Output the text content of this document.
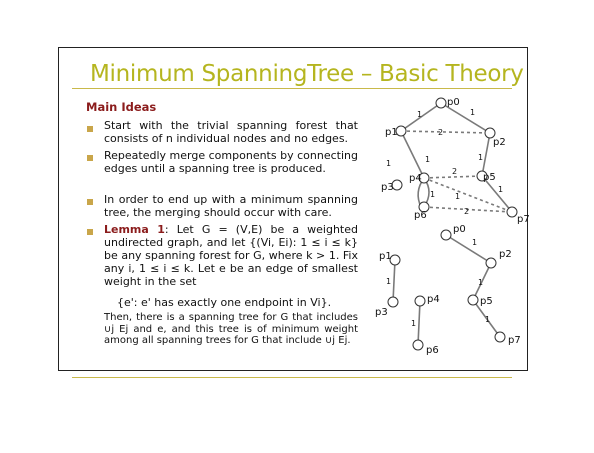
Minimum SpanningTree – Basic Theory
Main Ideas
Start with the trivial spanning forest that consists of n individual nodes and no edges.
Repeatedly merge components by connecting edges until a spanning tree is produced.
In order to end up with a minimum spanning tree, the merging should occur with care.
Lemma 1: Let G = (V,E) be a weighted undirected graph, and let {(Vi, Ei): 1 ≤ i ≤ k} be any spanning forest for G, where k > 1. Fix any i, 1 ≤ i ≤ k. Let e be an edge of smallest weight in the set
{e': e' has exactly one endpoint in Vi}.
Then, there is a spanning tree for G that includes ∪j Ej and e, and this tree is of minimum weight among all spanning trees for G that include ∪j Ej.
p0
p1
p2
p3
p4	p5
p6	p7
1
2
1
1
1
2
1
1
2
1
1
p0
p1	p2
p3
p4	p5
p6
p7
1
1
1
1
1
